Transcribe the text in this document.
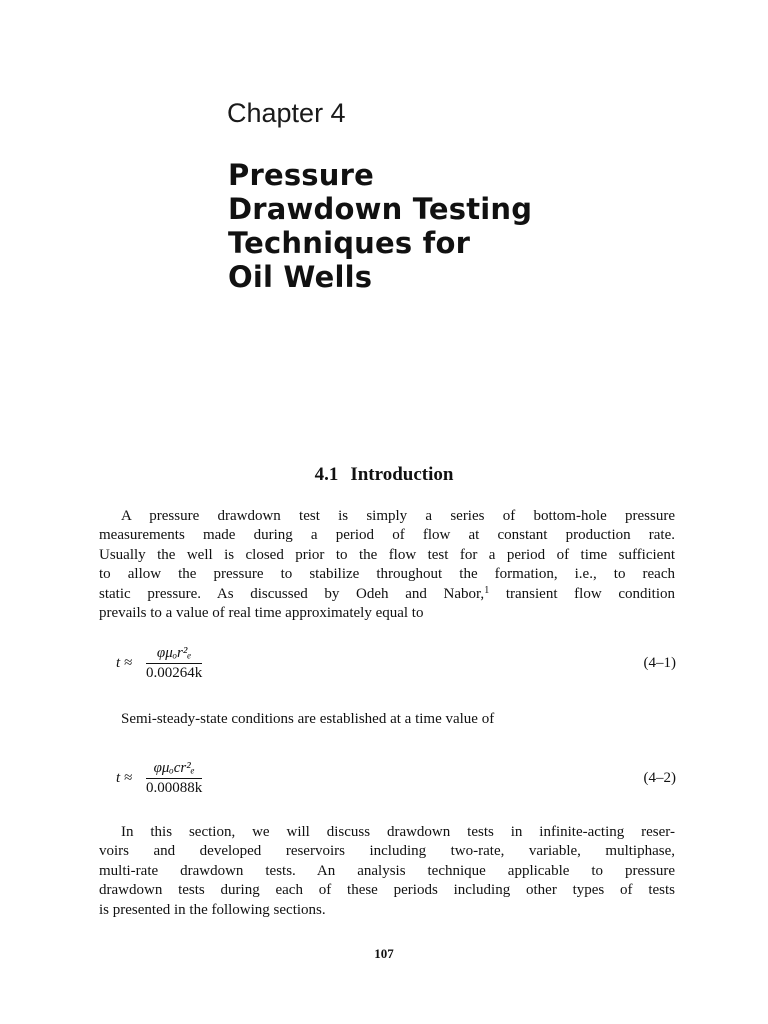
Chapter 4
Pressure
Drawdown Testing
Techniques for
Oil Wells
4.1 Introduction

A pressure drawdown test is simply a series of bottom-hole pressure
measurements made during a period of flow at constant production rate.
Usually the well is closed prior to the flow test for a period of time sufficient
to allow the pressure to stabilize throughout the formation, i.e., to reach
static pressure. As discussed by Odeh and Nabor,$^1$ transient flow condition
prevails to a value of real time approximately equal to

t ≈
φμₒr²ₑ
0.00264k
(4–1)

Semi-steady-state conditions are established at a time value of

t ≈
φμₒcr²ₑ
0.00088k
(4–2)

In this section, we will discuss drawdown tests in infinite-acting reser-
voirs and developed reservoirs including two-rate, variable, multiphase,
multi-rate drawdown tests. An analysis technique applicable to pressure
drawdown tests during each of these periods including other types of tests
is presented in the following sections.

107
